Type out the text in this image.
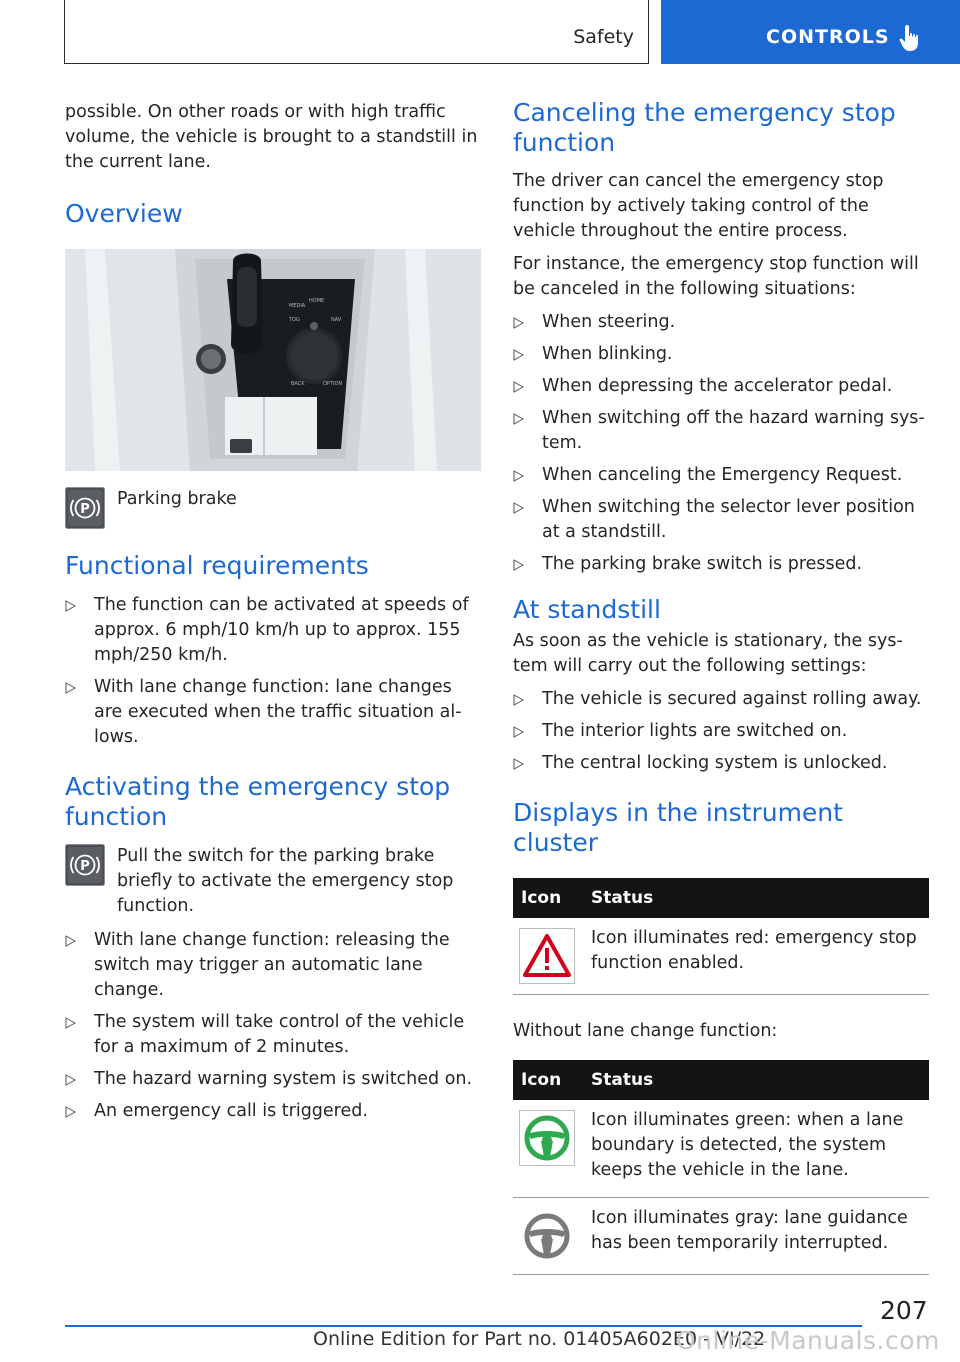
Safety	CONTROLS

possible. On other roads or with high traffic volume, the vehicle is brought to a standstill in the current lane.

Overview
MEDIA
HOME
TOG	NAV
BACK	OPTION
P
Parking brake
Functional requirements
The function can be activated at speeds of approx. 6 mph/10 km/h up to approx. 155 mph/250 km/h.
With lane change function: lane changes are executed when the traffic situation al‐ lows.
Activating the emergency stop function
P
Pull the switch for the parking brake briefly to activate the emergency stop function.
With lane change function: releasing the switch may trigger an automatic lane change.
The system will take control of the vehicle for a maximum of 2 minutes.
The hazard warning system is switched on.
An emergency call is triggered.
Canceling the emergency stop function

The driver can cancel the emergency stop function by actively taking control of the vehicle throughout the entire process.

For instance, the emergency stop function will be canceled in the following situations:

When steering.
When blinking.
When depressing the accelerator pedal.
When switching off the hazard warning sys‐ tem.
When canceling the Emergency Request.
When switching the selector lever position at a standstill.
The parking brake switch is pressed.
At standstill

As soon as the vehicle is stationary, the sys‐ tem will carry out the following settings:

The vehicle is secured against rolling away.
The interior lights are switched on.
The central locking system is unlocked.
Displays in the instrument cluster
Icon	Status

	Icon illuminates red: emergency stop function enabled.

Without lane change function:

Icon	Status

	Icon illuminates green: when a lane boundary is detected, the system keeps the vehicle in the lane.

	Icon illuminates gray: lane guidance has been temporarily interrupted.
207
Online Edition for Part no. 01405A602E0 - VI/22
Online-Manuals.com
